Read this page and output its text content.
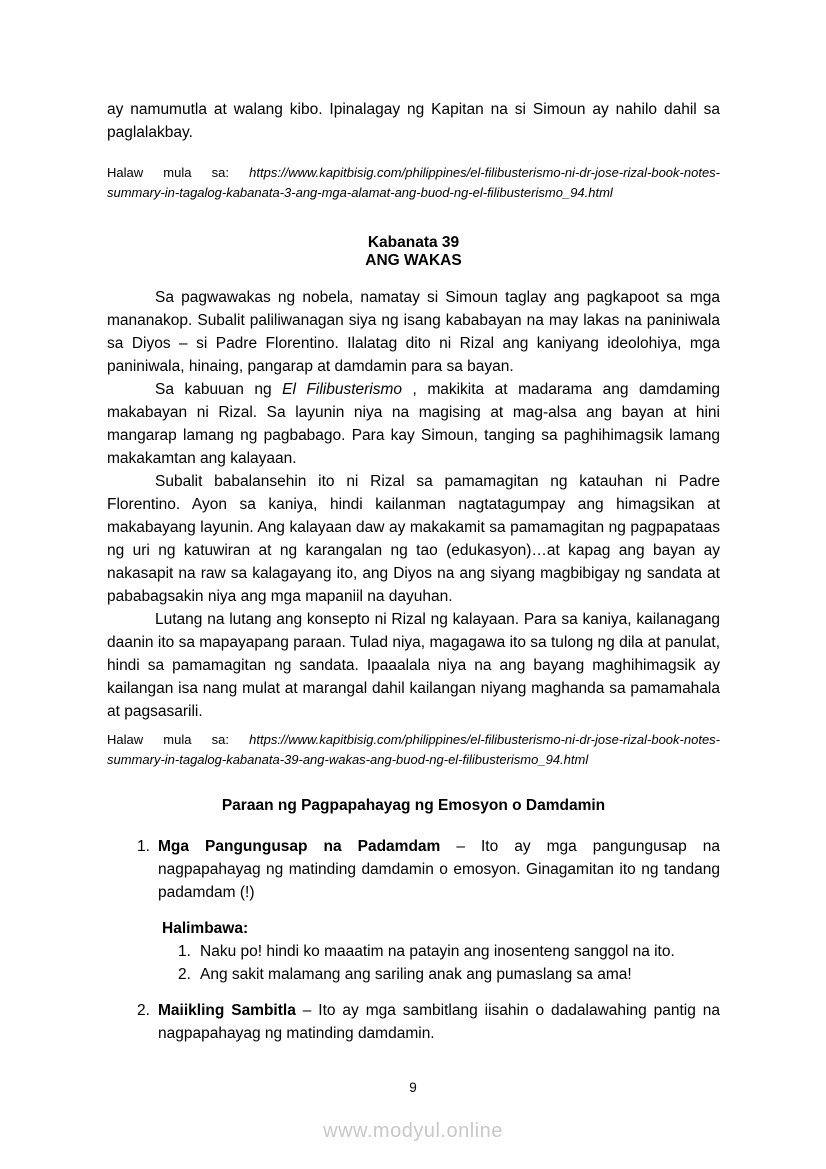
ay namumutla at walang kibo. Ipinalagay ng Kapitan na si Simoun ay nahilo dahil sa paglalakbay.

Halaw mula sa: https://www.kapitbisig.com/philippines/el-filibusterismo-ni-dr-jose-rizal-book-notes-summary-in-tagalog-kabanata-3-ang-mga-alamat-ang-buod-ng-el-filibusterismo_94.html

Kabanata 39
ANG WAKAS

Sa pagwawakas ng nobela, namatay si Simoun taglay ang pagkapoot sa mga mananakop. Subalit paliliwanagan siya ng isang kababayan na may lakas na paniniwala sa Diyos – si Padre Florentino. Ilalatag dito ni Rizal ang kaniyang ideolohiya, mga paniniwala, hinaing, pangarap at damdamin para sa bayan.

Sa kabuuan ng El Filibusterismo , makikita at madarama ang damdaming makabayan ni Rizal. Sa layunin niya na magising at mag-alsa ang bayan at hini mangarap lamang ng pagbabago. Para kay Simoun, tanging sa paghihimagsik lamang makakamtan ang kalayaan.

Subalit babalansehin ito ni Rizal sa pamamagitan ng katauhan ni Padre Florentino. Ayon sa kaniya, hindi kailanman nagtatagumpay ang himagsikan at makabayang layunin. Ang kalayaan daw ay makakamit sa pamamagitan ng pagpapataas ng uri ng katuwiran at ng karangalan ng tao (edukasyon)…at kapag ang bayan ay nakasapit na raw sa kalagayang ito, ang Diyos na ang siyang magbibigay ng sandata at pababagsakin niya ang mga mapaniil na dayuhan.

Lutang na lutang ang konsepto ni Rizal ng kalayaan. Para sa kaniya, kailanagang daanin ito sa mapayapang paraan. Tulad niya, magagawa ito sa tulong ng dila at panulat, hindi sa pamamagitan ng sandata. Ipaaalala niya na ang bayang maghihimagsik ay kailangan isa nang mulat at marangal dahil kailangan niyang maghanda sa pamamahala at pagsasarili.

Halaw mula sa: https://www.kapitbisig.com/philippines/el-filibusterismo-ni-dr-jose-rizal-book-notes-summary-in-tagalog-kabanata-39-ang-wakas-ang-buod-ng-el-filibusterismo_94.html

Paraan ng Pagpapahayag ng Emosyon o Damdamin
1. Mga Pangungusap na Padamdam – Ito ay mga pangungusap na nagpapahayag ng matinding damdamin o emosyon. Ginagamitan ito ng tandang padamdam (!)
Halimbawa:
1. Naku po! hindi ko maaatim na patayin ang inosenteng sanggol na ito.
2. Ang sakit malamang ang sariling anak ang pumaslang sa ama!
2. Maiikling Sambitla – Ito ay mga sambitlang iisahin o dadalawahing pantig na nagpapahayag ng matinding damdamin.
9
www.modyul.online
